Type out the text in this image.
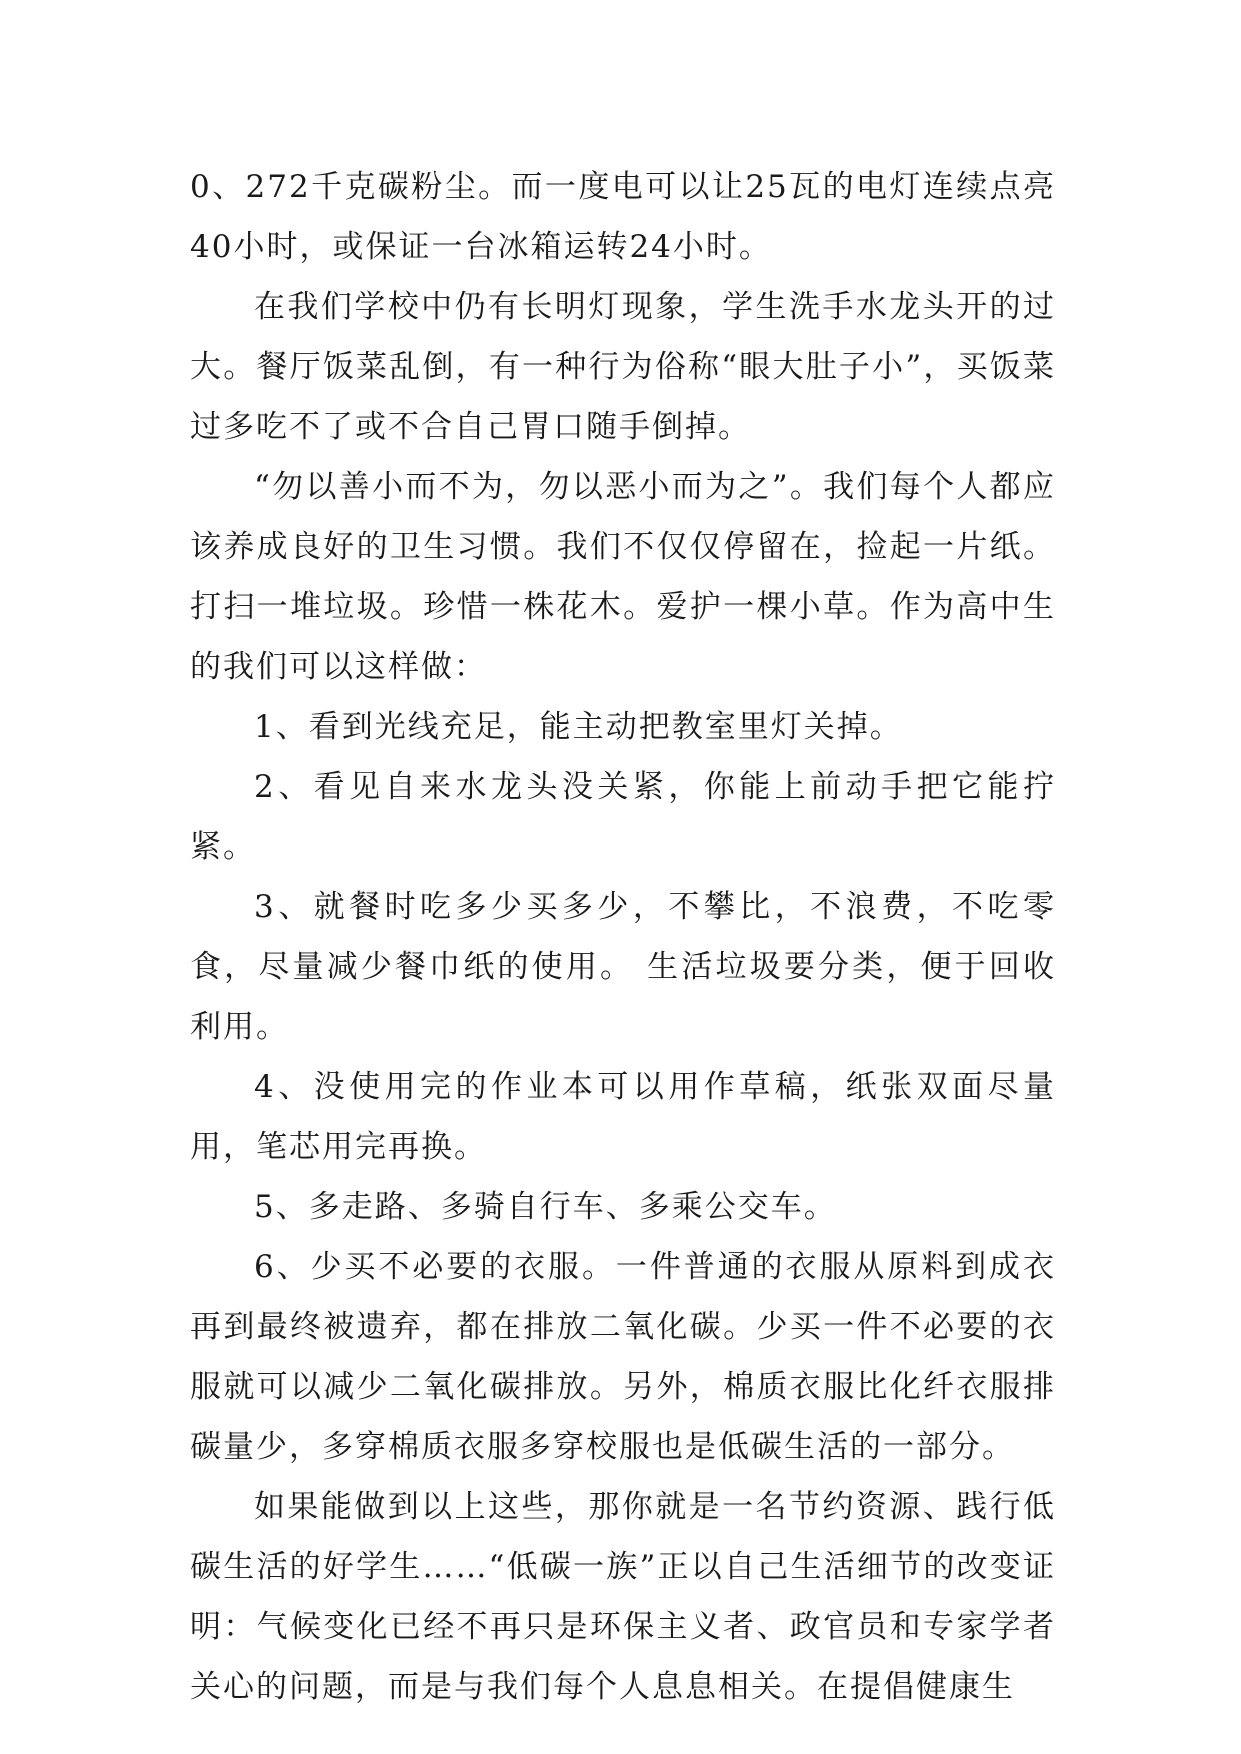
0、272千克碳粉尘。而一度电可以让25瓦的电灯连续点亮40小时，或保证一台冰箱运转24小时。

在我们学校中仍有长明灯现象，学生洗手水龙头开的过大。餐厅饭菜乱倒，有一种行为俗称“眼大肚子小”，买饭菜过多吃不了或不合自己胃口随手倒掉。

“勿以善小而不为，勿以恶小而为之”。我们每个人都应该养成良好的卫生习惯。我们不仅仅停留在，捡起一片纸。打扫一堆垃圾。珍惜一株花木。爱护一棵小草。作为高中生的我们可以这样做：

1、看到光线充足，能主动把教室里灯关掉。

2、看见自来水龙头没关紧，你能上前动手把它能拧紧。

3、就餐时吃多少买多少，不攀比，不浪费，不吃零食，尽量减少餐巾纸的使用。 生活垃圾要分类，便于回收利用。

4、没使用完的作业本可以用作草稿，纸张双面尽量用，笔芯用完再换。

5、多走路、多骑自行车、多乘公交车。

6、少买不必要的衣服。一件普通的衣服从原料到成衣再到最终被遗弃，都在排放二氧化碳。少买一件不必要的衣服就可以减少二氧化碳排放。另外，棉质衣服比化纤衣服排碳量少，多穿棉质衣服多穿校服也是低碳生活的一部分。

如果能做到以上这些，那你就是一名节约资源、践行低碳生活的好学生……“低碳一族”正以自己生活细节的改变证明：气候变化已经不再只是环保主义者、政官员和专家学者关心的问题，而是与我们每个人息息相关。在提倡健康生
